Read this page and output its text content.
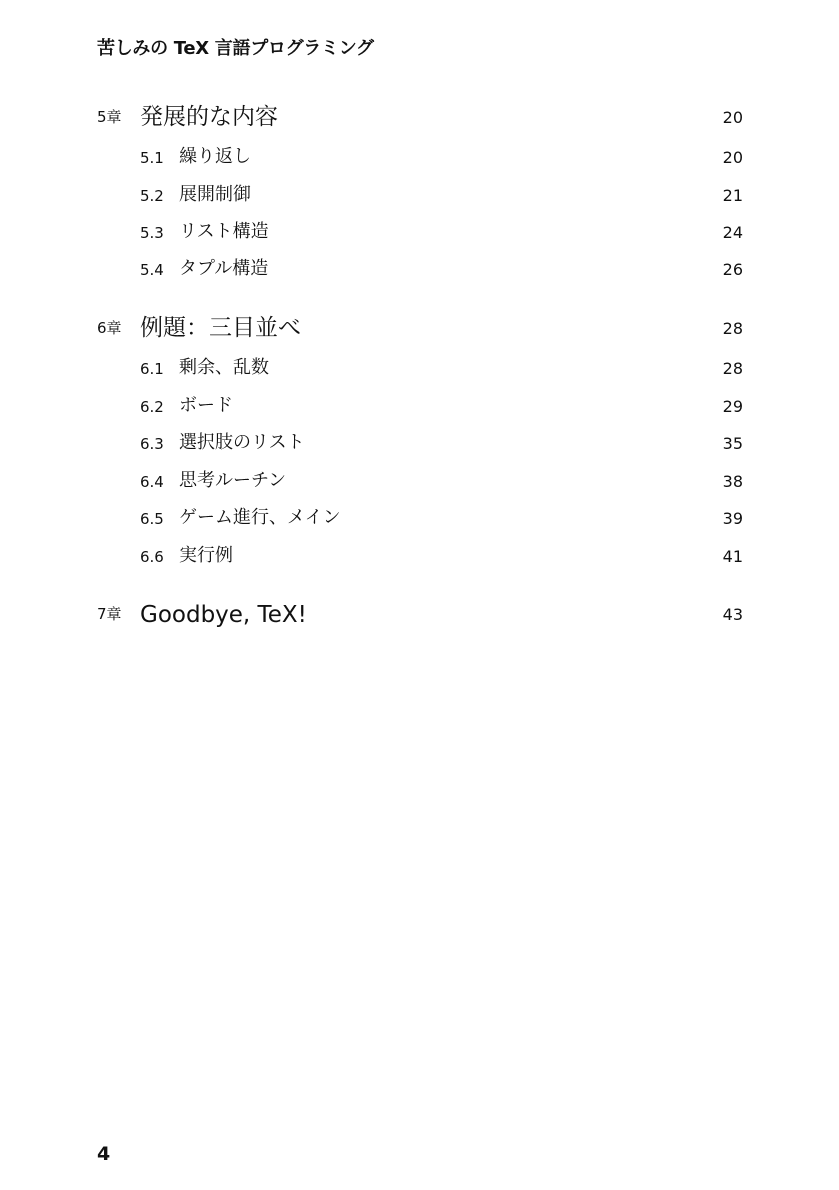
苦しみの TeX 言語プログラミング
5章 発展的な内容	20
5.1 繰り返し	20
5.2 展開制御	21
5.3 リスト構造	24
5.4 タプル構造	26
6章 例題：三目並べ	28
6.1 剰余、乱数	28
6.2 ボード	29
6.3 選択肢のリスト	35
6.4 思考ルーチン	38
6.5 ゲーム進行、メイン	39
6.6 実行例	41
7章 Goodbye, TeX!	43
4
